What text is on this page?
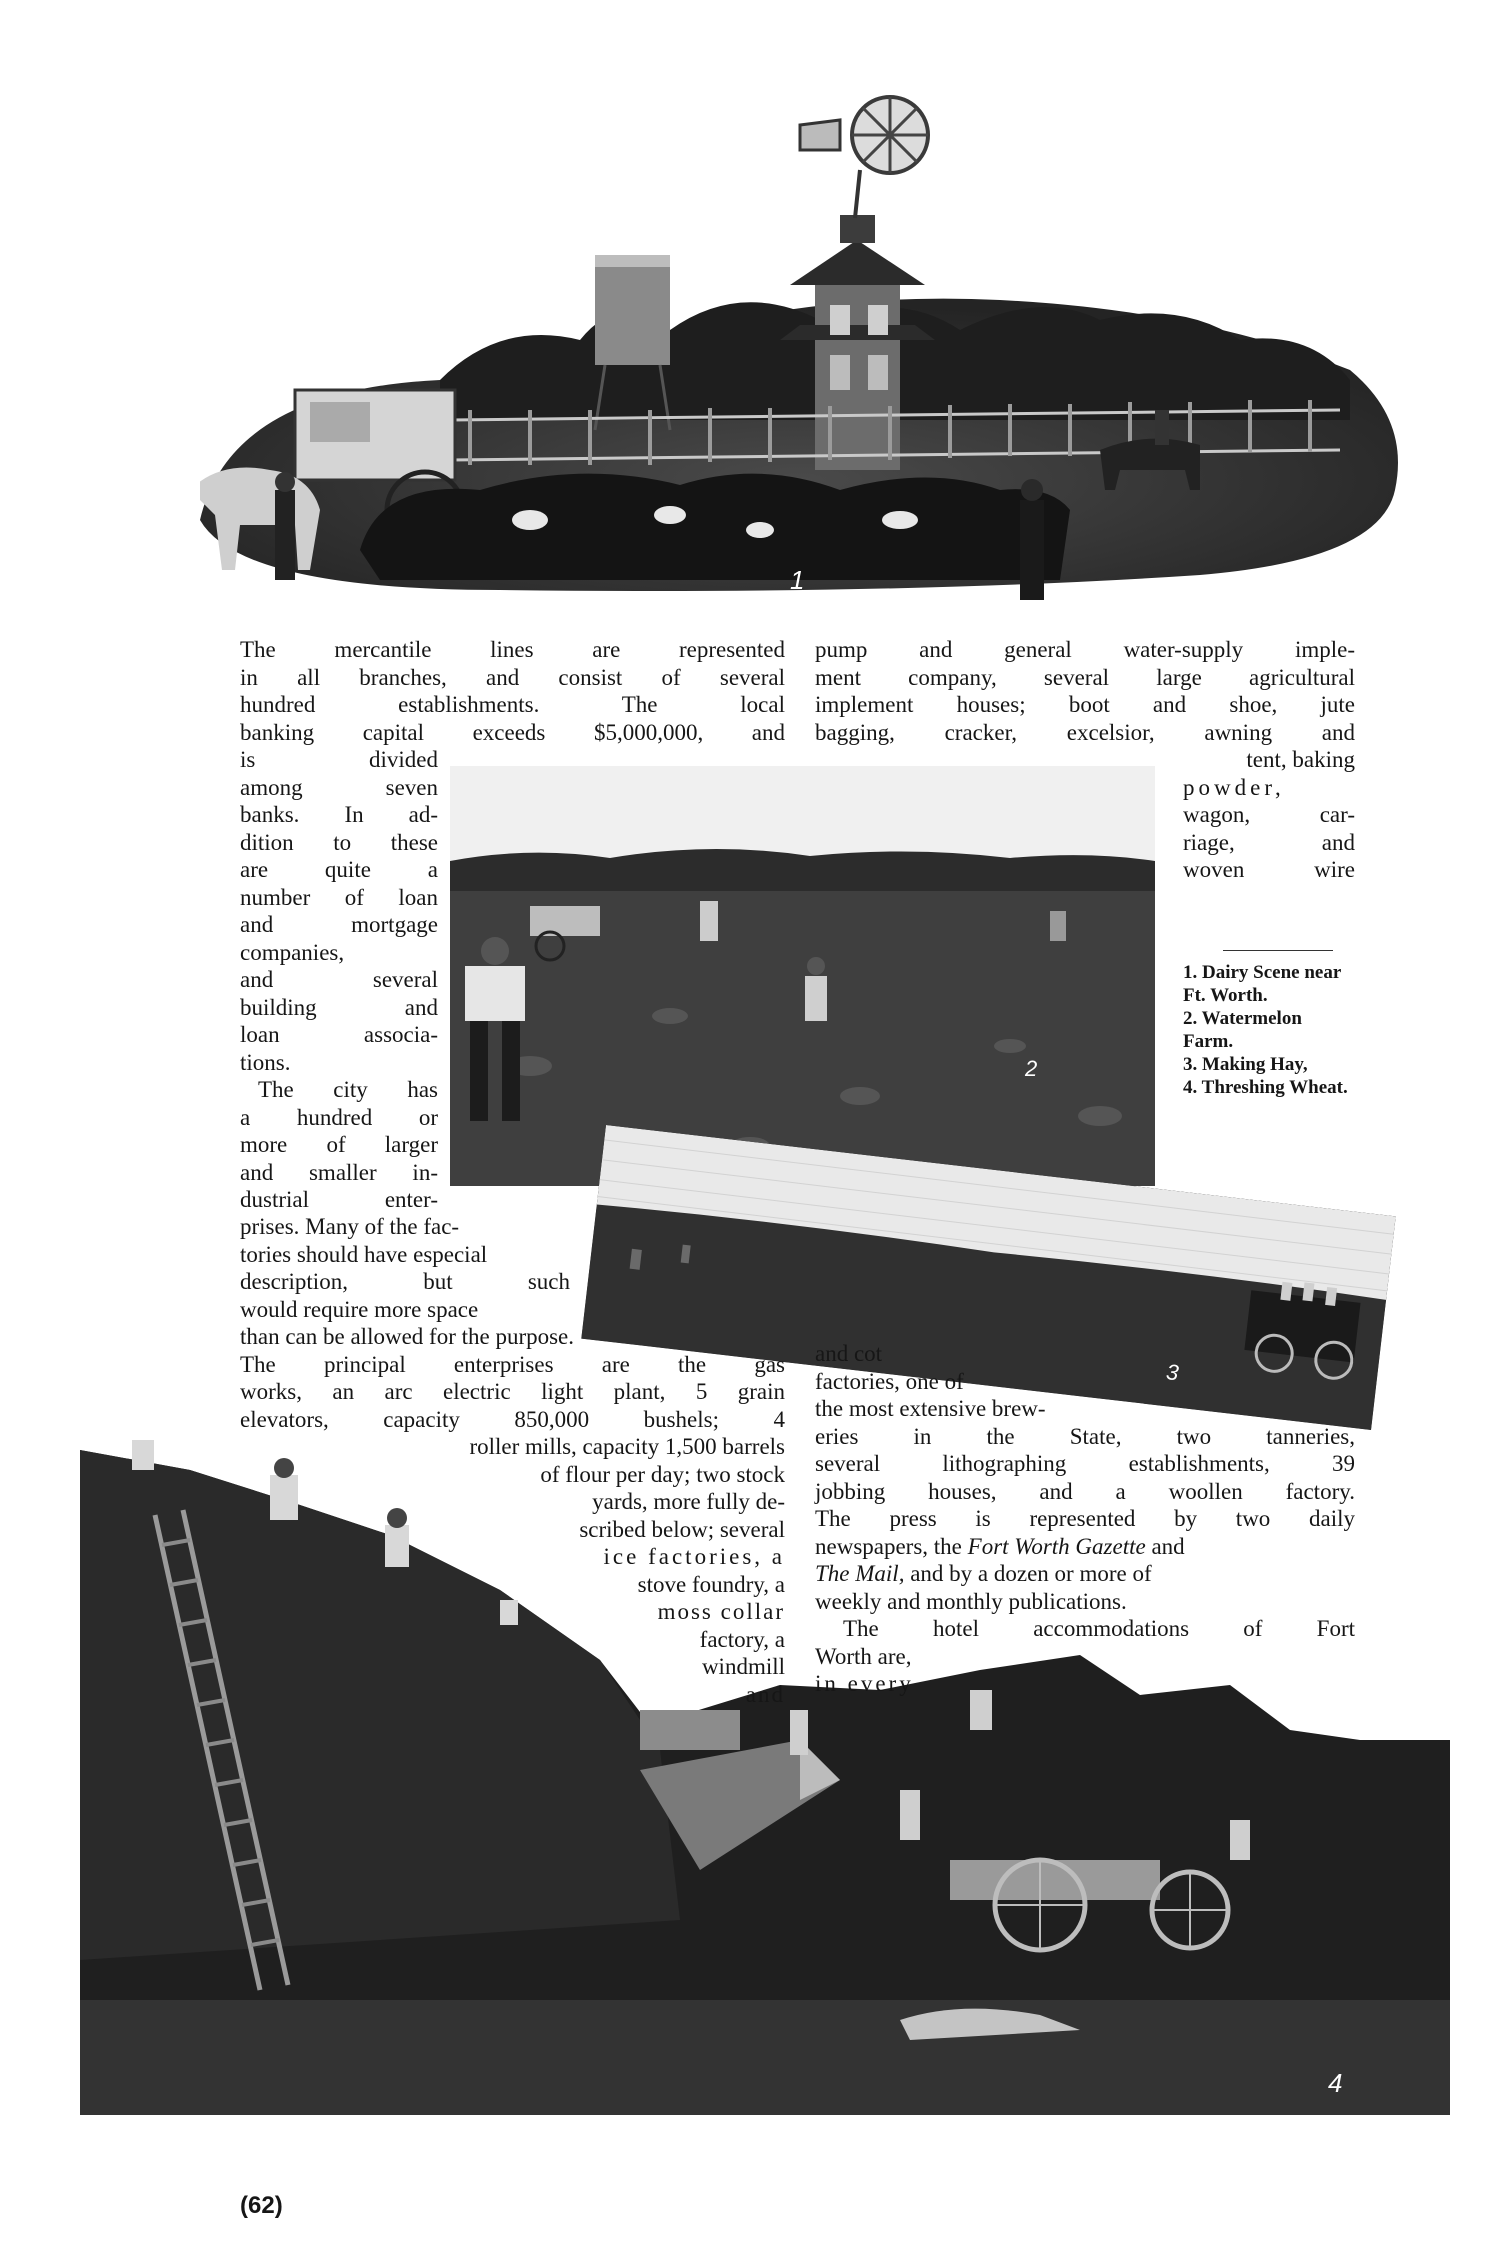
1
2
3
4
The mercantile lines are represented
in all branches, and consist of several
hundred establishments. The local
banking capital exceeds $5,000,000, and
is divided
among seven
banks. In ad-
dition to these
are quite a
number of loan
and mortgage
companies,
and several
building and
loan associa-
tions.
The city has
a hundred or
more of larger
and smaller in-
dustrial enter-
prises. Many of the fac-
tories should have especial
description, but such
would require more space
than can be allowed for the purpose.
The principal enterprises are the gas
works, an arc electric light plant, 5 grain
elevators, capacity 850,000 bushels; 4
roller mills, capacity 1,500 barrels
of flour per day; two stock
yards, more fully de-
scribed below; several
ice factories, a
stove foundry, a
moss collar
factory, a
windmill
and
pump and general water-supply imple-
ment company, several large agricultural
implement houses; boot and shoe, jute
bagging, cracker, excelsior, awning and
tent, baking
powder,
wagon, car-
riage, and
woven wire
1. Dairy Scene near Ft. Worth.
2. Watermelon Farm.
3. Making Hay,
4. Threshing Wheat.
and cot
factories, one of
the most extensive brew-
eries in the State, two tanneries,
several lithographing establishments, 39
jobbing houses, and a woollen factory.
The press is represented by two daily
newspapers, the Fort Worth Gazette and
The Mail, and by a dozen or more of
weekly and monthly publications.
The hotel accommodations of Fort
Worth are,
in every
(62)
